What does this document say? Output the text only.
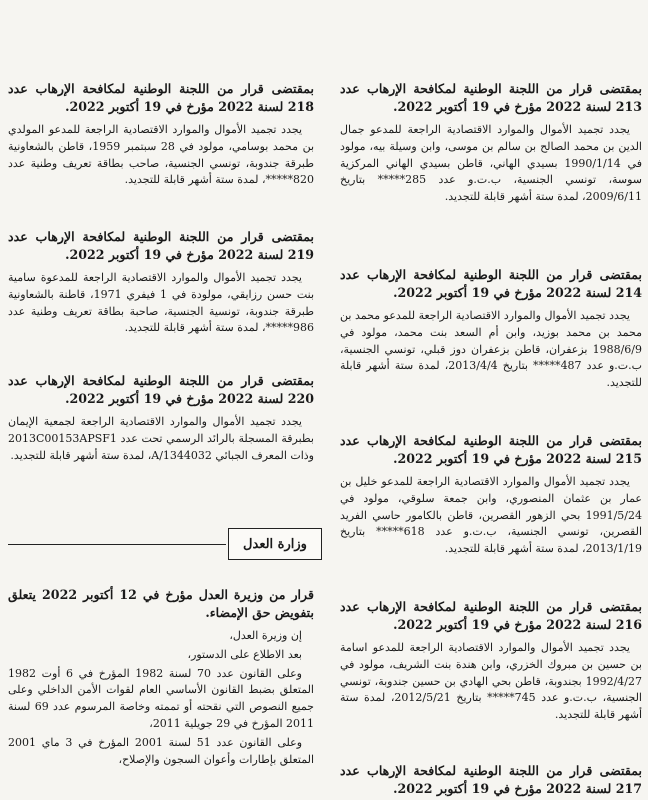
بمقتضى قرار من اللجنة الوطنية لمكافحة الإرهاب عدد 213 لسنة 2022 مؤرخ في 19 أكتوبر 2022.

يجدد تجميد الأموال والموارد الاقتصادية الراجعة للمدعو جمال الدين بن محمد الصالح بن سالم بن موسى، وابن وسيلة بيه، مولود في 1990/1/14 بسيدي الهاني، قاطن بسيدي الهاني المركزية سوسة، تونسي الجنسية، ب.ت.و عدد 285***** بتاريخ 2009/6/11، لمدة ستة أشهر قابلة للتجديد.

بمقتضى قرار من اللجنة الوطنية لمكافحة الإرهاب عدد 214 لسنة 2022 مؤرخ في 19 أكتوبر 2022.

يجدد تجميد الأموال والموارد الاقتصادية الراجعة للمدعو محمد بن محمد بن محمد بوزيد، وابن أم السعد بنت محمد، مولود في 1988/6/9 بزعفران، قاطن بزعفران دوز قبلي، تونسي الجنسية، ب.ت.و عدد 487***** بتاريخ 2013/4/4، لمدة ستة أشهر قابلة للتجديد.

بمقتضى قرار من اللجنة الوطنية لمكافحة الإرهاب عدد 215 لسنة 2022 مؤرخ في 19 أكتوبر 2022.

يجدد تجميد الأموال والموارد الاقتصادية الراجعة للمدعو خليل بن عمار بن عثمان المنصوري، وابن جمعة سلوقي، مولود في 1991/5/24 بحي الزهور القصرين، قاطن بالكامور حاسي الفريد القصرين، تونسي الجنسية، ب.ت.و عدد 618***** بتاريخ 2013/1/19، لمدة ستة أشهر قابلة للتجديد.

بمقتضى قرار من اللجنة الوطنية لمكافحة الإرهاب عدد 216 لسنة 2022 مؤرخ في 19 أكتوبر 2022.

يجدد تجميد الأموال والموارد الاقتصادية الراجعة للمدعو اسامة بن حسين بن مبروك الخزري، وابن هندة بنت الشريف، مولود في 1992/4/27 بجندوبة، قاطن بحي الهادي بن حسين جندوبة، تونسي الجنسية، ب.ت.و عدد 745***** بتاريخ 2012/5/21، لمدة ستة أشهر قابلة للتجديد.

بمقتضى قرار من اللجنة الوطنية لمكافحة الإرهاب عدد 217 لسنة 2022 مؤرخ في 19 أكتوبر 2022.

بمقتضى قرار من اللجنة الوطنية لمكافحة الإرهاب عدد 218 لسنة 2022 مؤرخ في 19 أكتوبر 2022.

يجدد تجميد الأموال والموارد الاقتصادية الراجعة للمدعو المولدي بن محمد بوسامي، مولود في 28 سبتمبر 1959، قاطن بالشعاونية طبرقة جندوبة، تونسي الجنسية، صاحب بطاقة تعريف وطنية عدد 820*****، لمدة ستة أشهر قابلة للتجديد.

بمقتضى قرار من اللجنة الوطنية لمكافحة الإرهاب عدد 219 لسنة 2022 مؤرخ في 19 أكتوبر 2022.

يجدد تجميد الأموال والموارد الاقتصادية الراجعة للمدعوة سامية بنت حسن رزايقي، مولودة في 1 فيفري 1971، قاطنة بالشعاونية طبرقة جندوبة، تونسية الجنسية، صاحبة بطاقة تعريف وطنية عدد 986*****، لمدة ستة أشهر قابلة للتجديد.

بمقتضى قرار من اللجنة الوطنية لمكافحة الإرهاب عدد 220 لسنة 2022 مؤرخ في 19 أكتوبر 2022.

يجدد تجميد الأموال والموارد الاقتصادية الراجعة لجمعية الإيمان بطبرقة المسجلة بالرائد الرسمي تحت عدد 2013C00153APSF1 وذات المعرف الجبائي A/1344032، لمدة ستة أشهر قابلة للتجديد.

قرار من وزيرة العدل مؤرخ في 12 أكتوبر 2022 يتعلق بتفويض حق الإمضاء.

إن وزيرة العدل،

بعد الاطلاع على الدستور،

وعلى القانون عدد 70 لسنة 1982 المؤرخ في 6 أوت 1982 المتعلق بضبط القانون الأساسي العام لقوات الأمن الداخلي وعلى جميع النصوص التي نقحته أو تممته وخاصة المرسوم عدد 69 لسنة 2011 المؤرخ في 29 جويلية 2011،

وعلى القانون عدد 51 لسنة 2001 المؤرخ في 3 ماي 2001 المتعلق بإطارات وأعوان السجون والإصلاح،

وزارة العدل
